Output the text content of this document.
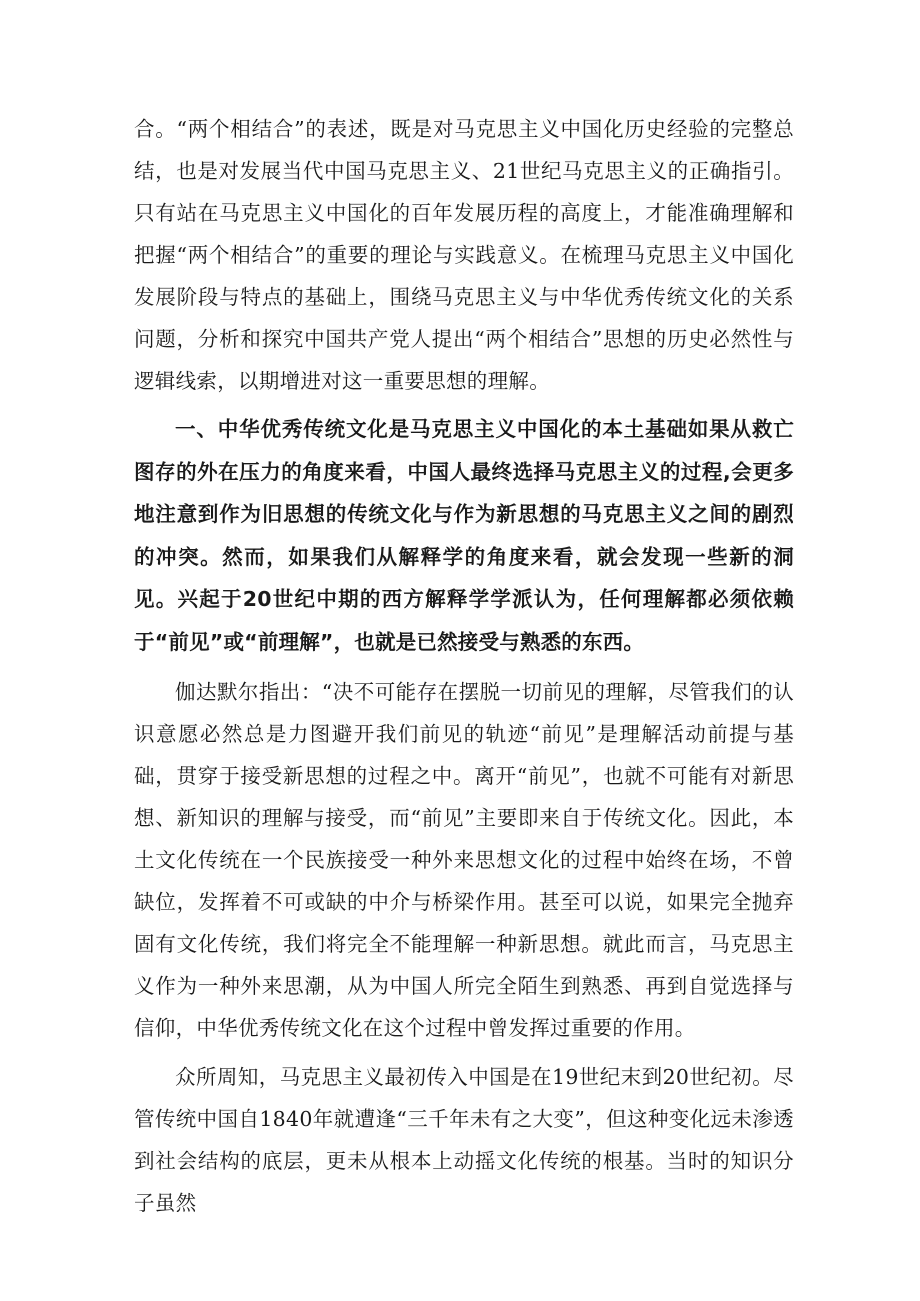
合。“两个相结合”的表述，既是对马克思主义中国化历史经验的完整总结，也是对发展当代中国马克思主义、21世纪马克思主义的正确指引。只有站在马克思主义中国化的百年发展历程的高度上，才能准确理解和把握“两个相结合”的重要的理论与实践意义。在梳理马克思主义中国化发展阶段与特点的基础上，围绕马克思主义与中华优秀传统文化的关系问题，分析和探究中国共产党人提出“两个相结合”思想的历史必然性与逻辑线索，以期增进对这一重要思想的理解。

一、中华优秀传统文化是马克思主义中国化的本土基础如果从救亡图存的外在压力的角度来看，中国人最终选择马克思主义的过程,会更多地注意到作为旧思想的传统文化与作为新思想的马克思主义之间的剧烈的冲突。然而，如果我们从解释学的角度来看，就会发现一些新的洞见。兴起于20世纪中期的西方解释学学派认为，任何理解都必须依赖于“前见”或“前理解”，也就是已然接受与熟悉的东西。

伽达默尔指出：“决不可能存在摆脱一切前见的理解，尽管我们的认识意愿必然总是力图避开我们前见的轨迹“前见”是理解活动前提与基础，贯穿于接受新思想的过程之中。离开“前见”，也就不可能有对新思想、新知识的理解与接受，而“前见”主要即来自于传统文化。因此，本土文化传统在一个民族接受一种外来思想文化的过程中始终在场，不曾缺位，发挥着不可或缺的中介与桥梁作用。甚至可以说，如果完全抛弃固有文化传统，我们将完全不能理解一种新思想。就此而言，马克思主义作为一种外来思潮，从为中国人所完全陌生到熟悉、再到自觉选择与信仰，中华优秀传统文化在这个过程中曾发挥过重要的作用。

众所周知，马克思主义最初传入中国是在19世纪末到20世纪初。尽管传统中国自1840年就遭逢“三千年未有之大变”，但这种变化远未渗透到社会结构的底层，更未从根本上动摇文化传统的根基。当时的知识分子虽然
